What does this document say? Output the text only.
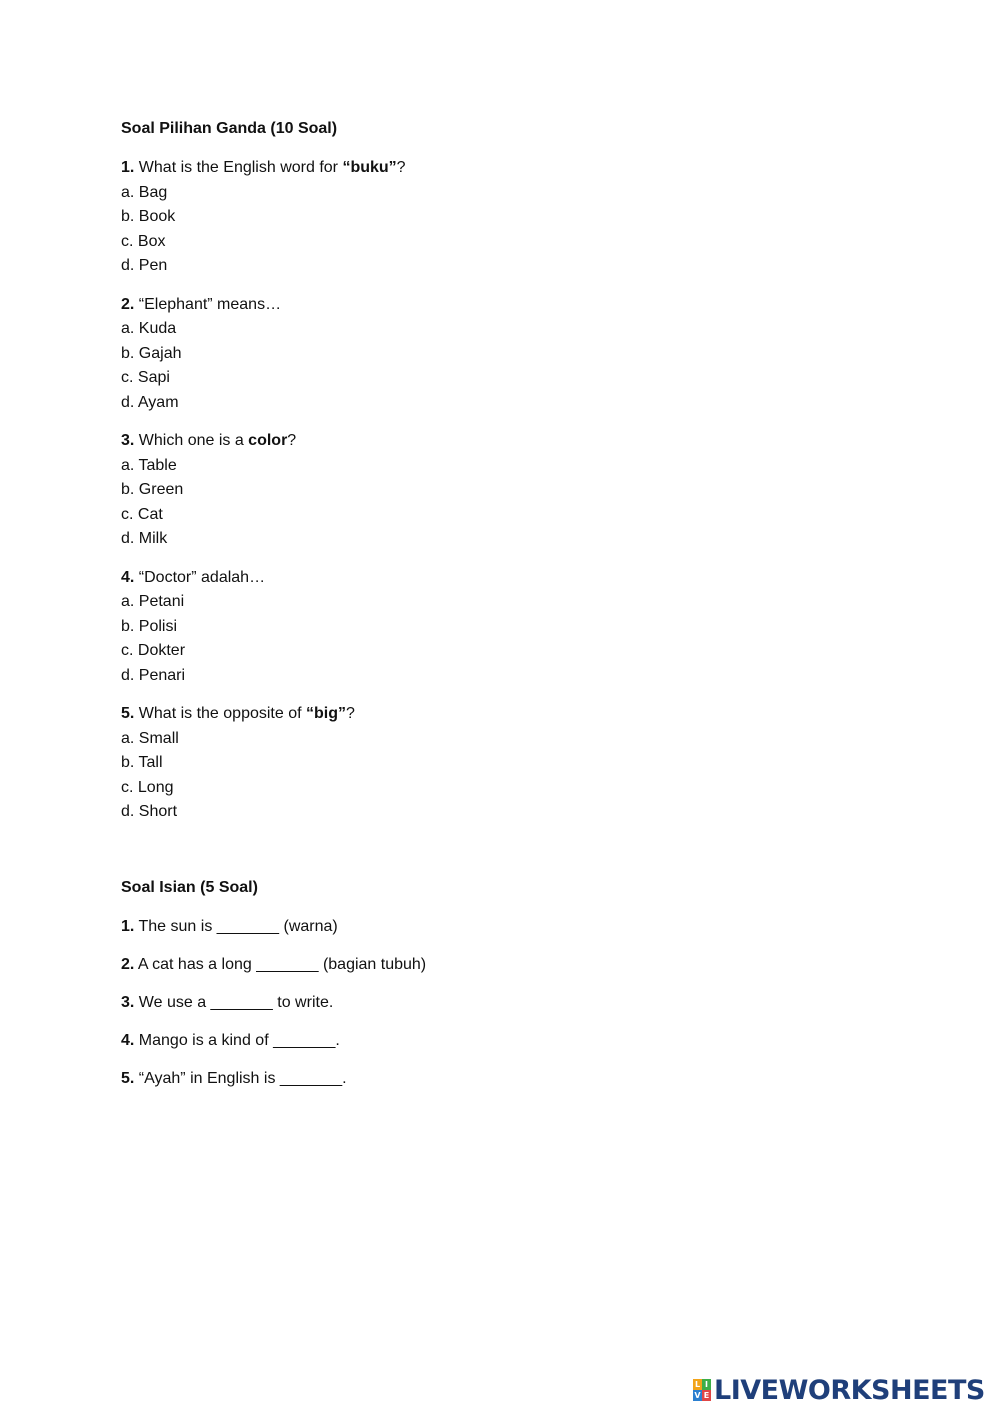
Soal Pilihan Ganda (10 Soal)
1. What is the English word for “buku”?
a. Bag
b. Book
c. Box
d. Pen
2. “Elephant” means…
a. Kuda
b. Gajah
c. Sapi
d. Ayam
3. Which one is a color?
a. Table
b. Green
c. Cat
d. Milk
4. “Doctor” adalah…
a. Petani
b. Polisi
c. Dokter
d. Penari
5. What is the opposite of “big”?
a. Small
b. Tall
c. Long
d. Short
Soal Isian (5 Soal)
1. The sun is _______ (warna)
2. A cat has a long _______ (bagian tubuh)
3. We use a _______ to write.
4. Mango is a kind of _______.
5. “Ayah” in English is _______.
L I
V E LIVEWORKSHEETS
